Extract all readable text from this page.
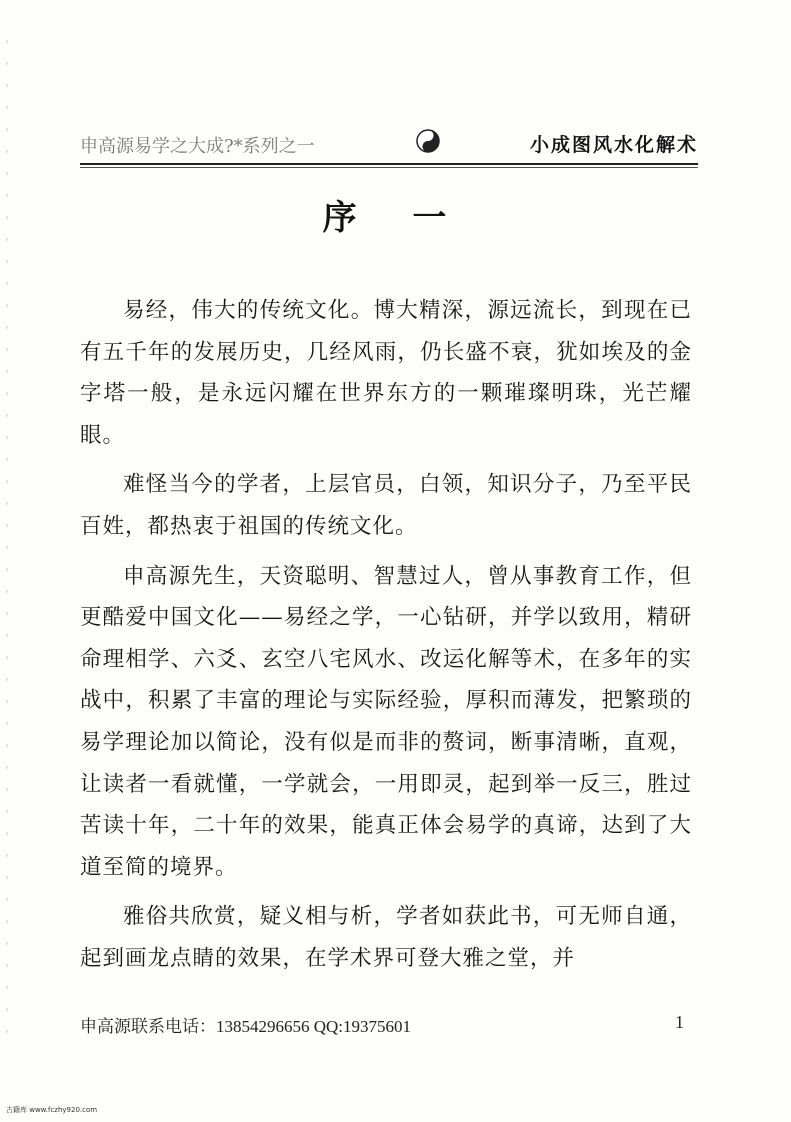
申高源易学之大成?*系列之一	小成图风水化解术
序 一

易经，伟大的传统文化。博大精深，源远流长，到现在已有五千年的发展历史，几经风雨，仍长盛不衰，犹如埃及的金字塔一般，是永远闪耀在世界东方的一颗璀璨明珠，光芒耀眼。

难怪当今的学者，上层官员，白领，知识分子，乃至平民百姓，都热衷于祖国的传统文化。

申高源先生，天资聪明、智慧过人，曾从事教育工作，但更酷爱中国文化——易经之学，一心钻研，并学以致用，精研命理相学、六爻、玄空八宅风水、改运化解等术，在多年的实战中，积累了丰富的理论与实际经验，厚积而薄发，把繁琐的易学理论加以简论，没有似是而非的赘词，断事清晰，直观，让读者一看就懂，一学就会，一用即灵，起到举一反三，胜过苦读十年，二十年的效果，能真正体会易学的真谛，达到了大道至简的境界。

雅俗共欣赏，疑义相与析，学者如获此书，可无师自通，起到画龙点睛的效果，在学术界可登大雅之堂，并

申高源联系电话：13854296656 QQ:19375601	1
古籍库 www.fczhy920.com
